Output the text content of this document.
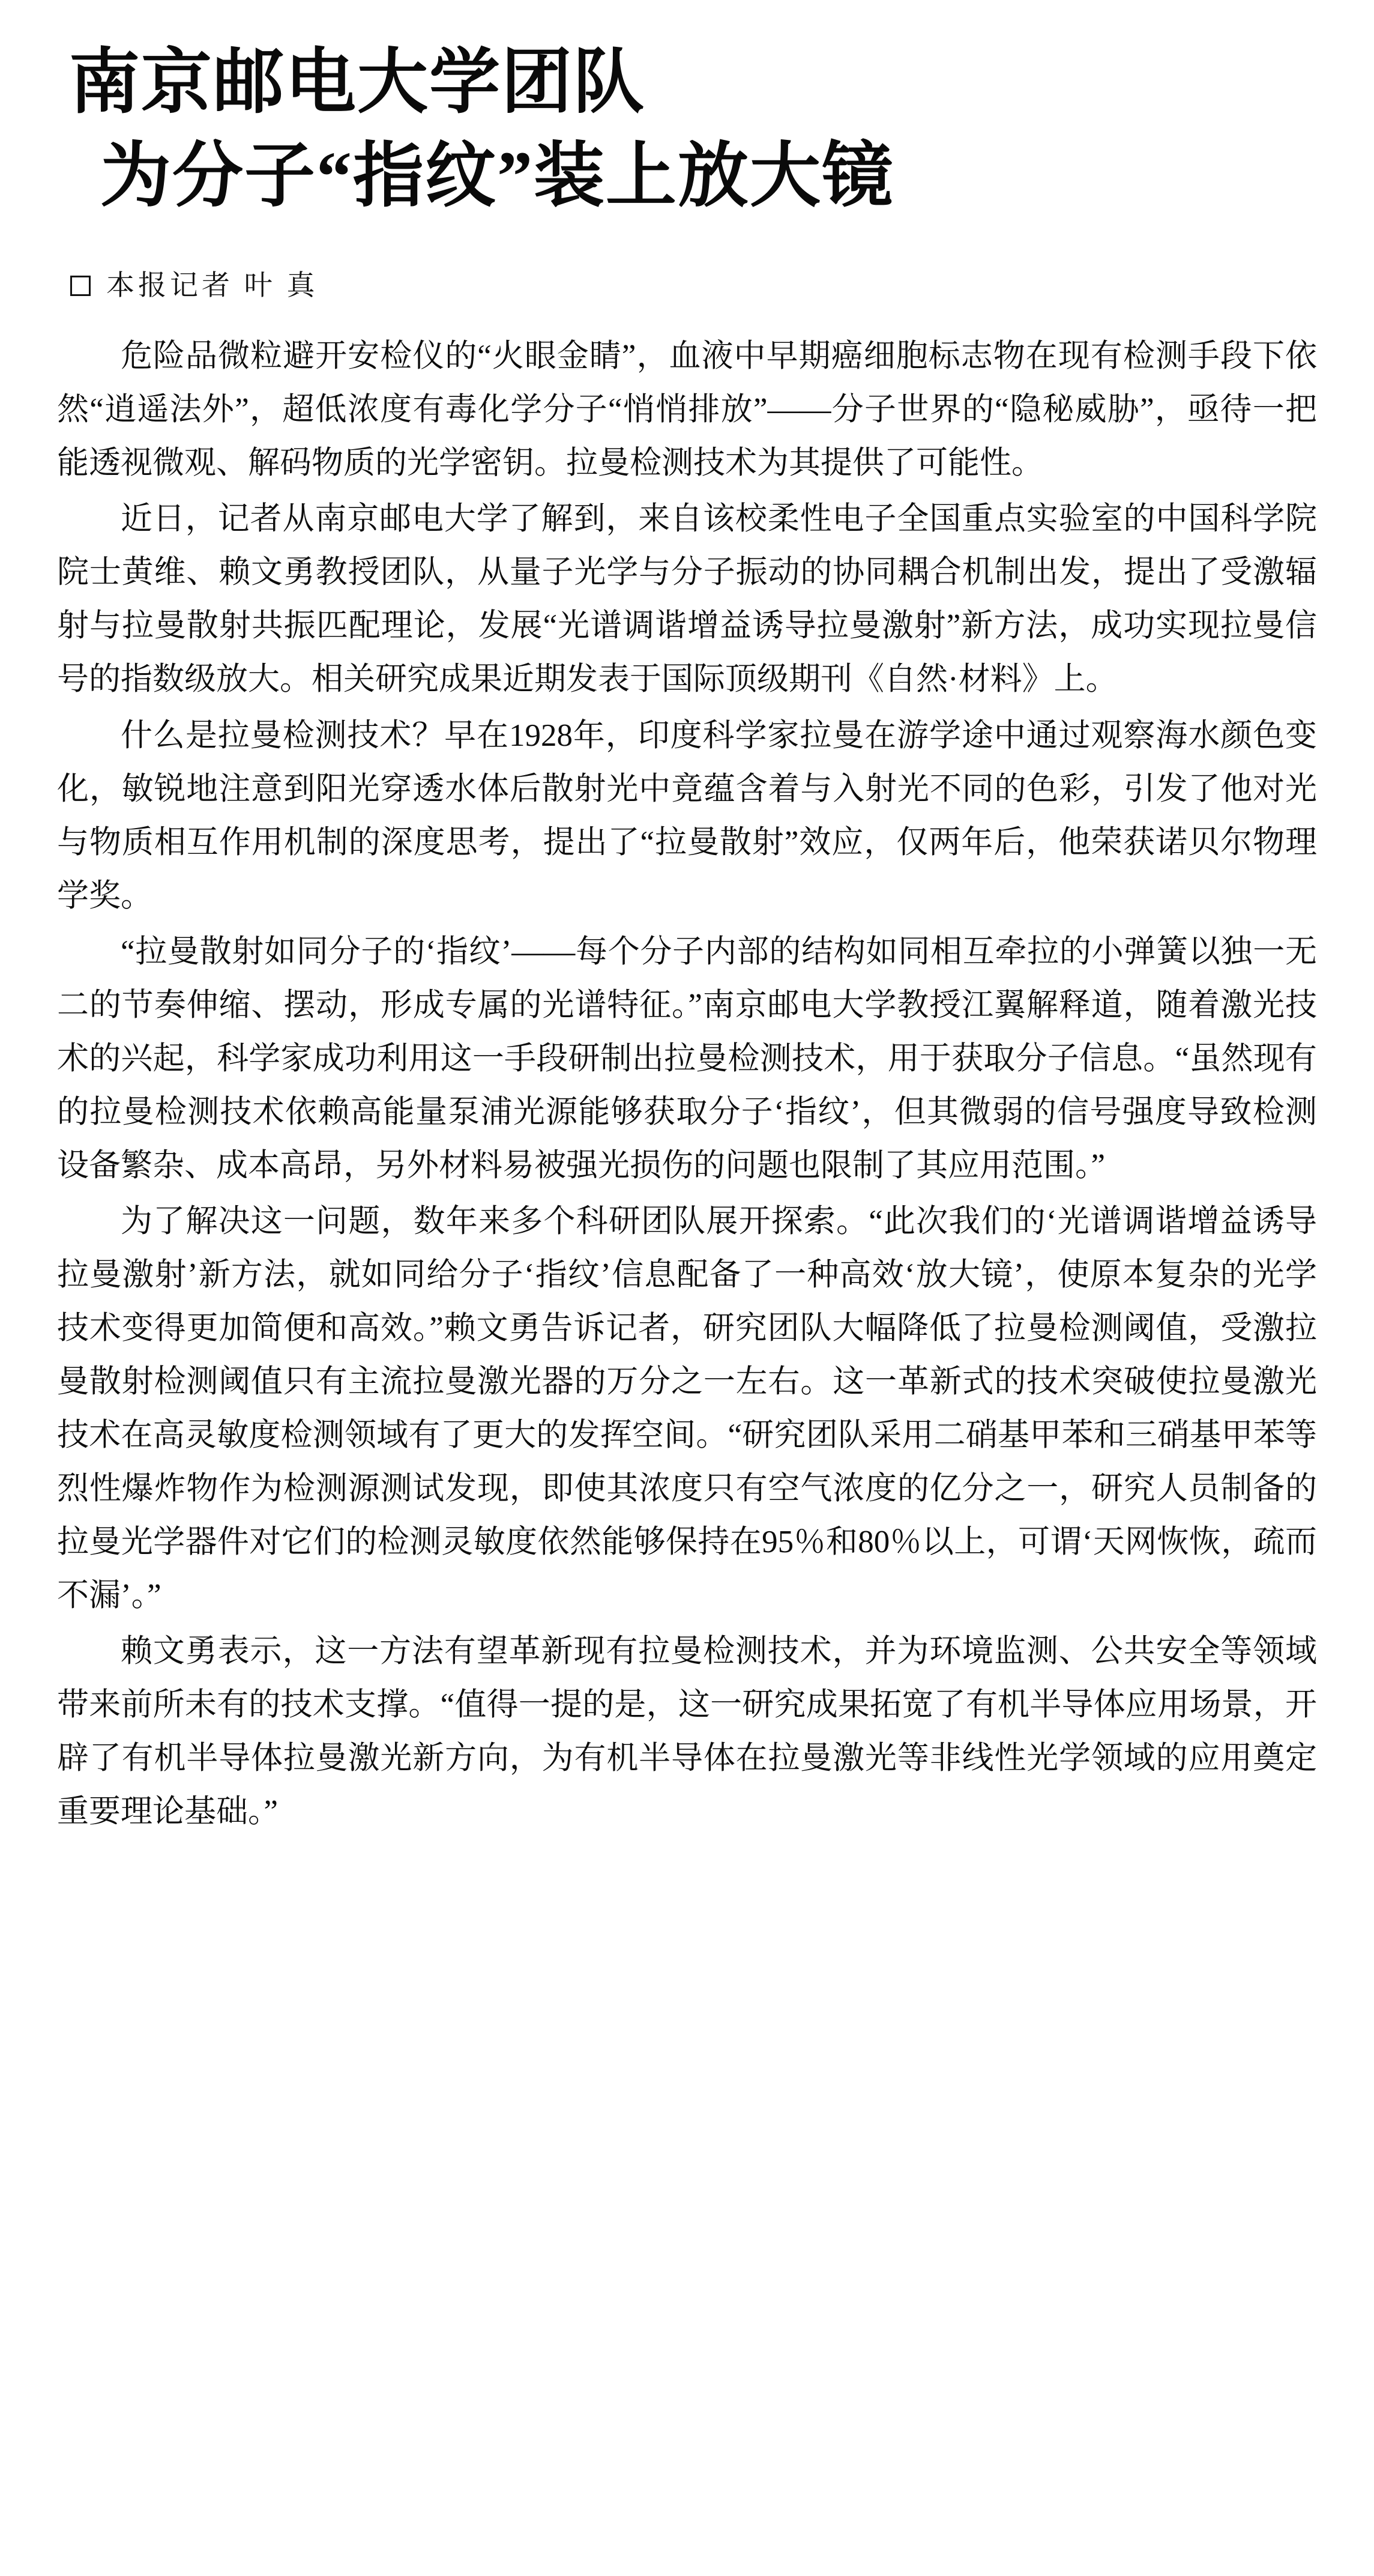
南京邮电大学团队
为分子“指纹”装上放大镜
本报记者 叶 真

危险品微粒避开安检仪的“火眼金睛”，血液中早期癌细胞标志物在现有检测手段下依然“逍遥法外”，超低浓度有毒化学分子“悄悄排放”——分子世界的“隐秘威胁”，亟待一把能透视微观、解码物质的光学密钥。拉曼检测技术为其提供了可能性。

近日，记者从南京邮电大学了解到，来自该校柔性电子全国重点实验室的中国科学院院士黄维、赖文勇教授团队，从量子光学与分子振动的协同耦合机制出发，提出了受激辐射与拉曼散射共振匹配理论，发展“光谱调谐增益诱导拉曼激射”新方法，成功实现拉曼信号的指数级放大。相关研究成果近期发表于国际顶级期刊《自然·材料》上。

什么是拉曼检测技术？早在1928年，印度科学家拉曼在游学途中通过观察海水颜色变化，敏锐地注意到阳光穿透水体后散射光中竟蕴含着与入射光不同的色彩，引发了他对光与物质相互作用机制的深度思考，提出了“拉曼散射”效应，仅两年后，他荣获诺贝尔物理学奖。

“拉曼散射如同分子的‘指纹’——每个分子内部的结构如同相互牵拉的小弹簧以独一无二的节奏伸缩、摆动，形成专属的光谱特征。”南京邮电大学教授江翼解释道，随着激光技术的兴起，科学家成功利用这一手段研制出拉曼检测技术，用于获取分子信息。“虽然现有的拉曼检测技术依赖高能量泵浦光源能够获取分子‘指纹’，但其微弱的信号强度导致检测设备繁杂、成本高昂，另外材料易被强光损伤的问题也限制了其应用范围。”

为了解决这一问题，数年来多个科研团队展开探索。“此次我们的‘光谱调谐增益诱导拉曼激射’新方法，就如同给分子‘指纹’信息配备了一种高效‘放大镜’，使原本复杂的光学技术变得更加简便和高效。”赖文勇告诉记者，研究团队大幅降低了拉曼检测阈值，受激拉曼散射检测阈值只有主流拉曼激光器的万分之一左右。这一革新式的技术突破使拉曼激光技术在高灵敏度检测领域有了更大的发挥空间。“研究团队采用二硝基甲苯和三硝基甲苯等烈性爆炸物作为检测源测试发现，即使其浓度只有空气浓度的亿分之一，研究人员制备的拉曼光学器件对它们的检测灵敏度依然能够保持在95％和80％以上，可谓‘天网恢恢，疏而不漏’。”

赖文勇表示，这一方法有望革新现有拉曼检测技术，并为环境监测、公共安全等领域带来前所未有的技术支撑。“值得一提的是，这一研究成果拓宽了有机半导体应用场景，开辟了有机半导体拉曼激光新方向，为有机半导体在拉曼激光等非线性光学领域的应用奠定重要理论基础。”
